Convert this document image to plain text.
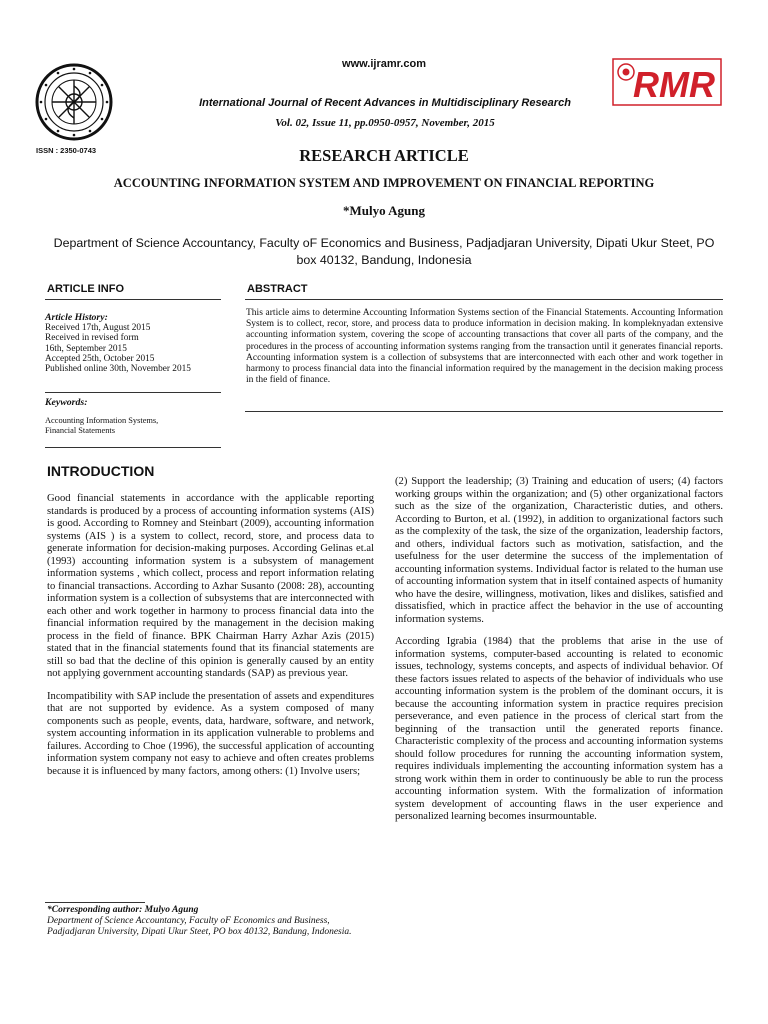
ISSN : 2350-0743
www.ijramr.com
International Journal of Recent Advances in Multidisciplinary Research
Vol. 02, Issue 11, pp.0950-0957, November, 2015
RMR
RESEARCH ARTICLE
ACCOUNTING INFORMATION SYSTEM AND IMPROVEMENT ON FINANCIAL REPORTING
*Mulyo Agung
Department of Science Accountancy, Faculty oF Economics and Business, Padjadjaran University, Dipati Ukur Steet, PO box 40132, Bandung, Indonesia
ARTICLE INFO	ABSTRACT
Article History:
Received 17th, August 2015
Received in revised form
16th, September 2015
Accepted 25th, October 2015
Published online 30th, November 2015
Keywords:
Accounting Information Systems,
Financial Statements
This article aims to determine Accounting Information Systems section of the Financial Statements. Accounting Information System is to collect, recor, store, and process data to produce information in decision making. In kompleknyadan extensive accounting information system, covering the scope of accounting transactions that cover all parts of the company, and the procedures in the process of accounting information systems ranging from the transaction until it generates financial reports. Accounting information system is a collection of subsystems that are interconnected with each other and work together in harmony to process financial data into the financial information required by the management in the decision making process in the field of finance.
INTRODUCTION

Good financial statements in accordance with the applicable reporting standards is produced by a process of accounting information systems (AIS) is good. According to Romney and Steinbart (2009), accounting information systems (AIS ) is a system to collect, record, store, and process data to generate information for decision-making purposes. According Gelinas et.al (1993) accounting information system is a subsystem of management information systems , which collect, process and report information relating to financial transactions. According to Azhar Susanto (2008: 28), accounting information system is a collection of subsystems that are interconnected with each other and work together in harmony to process financial data into the financial information required by the management in the decision making process in the field of finance. BPK Chairman Harry Azhar Azis (2015) stated that in the financial statements found that its financial statements are still so bad that the decline of this opinion is generally caused by an entity not applying government accounting standards (SAP) as previous year.

Incompatibility with SAP include the presentation of assets and expenditures that are not supported by evidence. As a system composed of many components such as people, events, data, hardware, software, and network, system accounting information in its application vulnerable to problems and failures. According to Choe (1996), the successful application of accounting information system company not easy to achieve and often creates problems because it is influenced by many factors, among others: (1) Involve users;

(2) Support the leadership; (3) Training and education of users; (4) factors working groups within the organization; and (5) other organizational factors such as the size of the organization, Characteristic duties, and others. According to Burton, et al. (1992), in addition to organizational factors such as the complexity of the task, the size of the organization, leadership factors, and others, individual factors such as motivation, satisfaction, and the usefulness for the user determine the success of the implementation of accounting information systems. Individual factor is related to the human use of accounting information system that in itself contained aspects of humanity who have the desire, willingness, motivation, likes and dislikes, satisfied and dissatisfied, which in practice affect the behavior in the use of accounting information systems.

According Igrabia (1984) that the problems that arise in the use of information systems, computer-based accounting is related to economic issues, technology, systems concepts, and aspects of individual behavior. Of these factors issues related to aspects of the behavior of individuals who use accounting information system is the problem of the dominant occurs, it is because the accounting information system in practice requires precision perseverance, and even patience in the process of clerical start from the beginning of the transaction until the generated reports finance. Characteristic complexity of the process and accounting information systems should follow procedures for running the accounting information system, requires individuals implementing the accounting information system has a strong work within them in order to continuously be able to run the process accounting information system. With the formalization of information system development of accounting flaws in the user experience and personalized learning becomes insurmountable.

*Corresponding author: Mulyo Agung
Department of Science Accountancy, Faculty oF Economics and Business, Padjadjaran University, Dipati Ukur Steet, PO box 40132, Bandung, Indonesia.
